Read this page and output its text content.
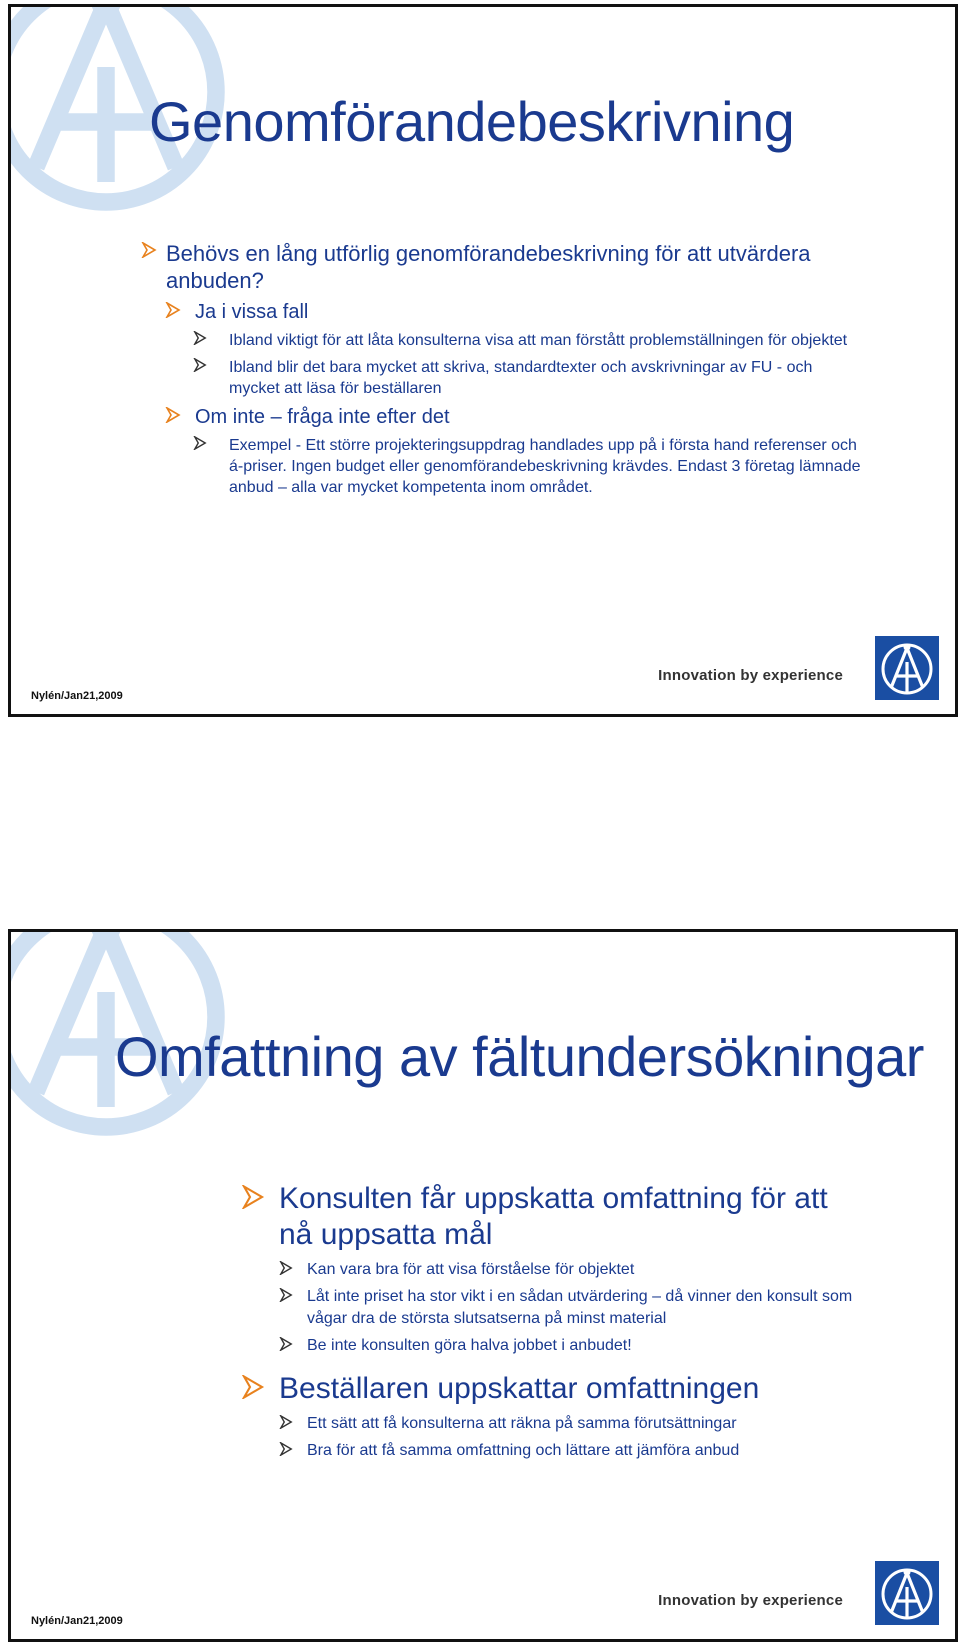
Genomförandebeskrivning
Behövs en lång utförlig genomförandebeskrivning för att utvärdera anbuden?
Ja i vissa fall
Ibland viktigt för att låta konsulterna visa att man förstått problemställningen för objektet
Ibland blir det bara mycket att skriva, standardtexter och avskrivningar av FU - och mycket att läsa för beställaren
Om inte – fråga inte efter det
Exempel - Ett större projekteringsuppdrag handlades upp på i första hand referenser och á-priser. Ingen budget eller genomförandebeskrivning krävdes. Endast 3 företag lämnade anbud – alla var mycket kompetenta inom området.
Nylén/Jan21,2009
Innovation by experience
Omfattning av fältundersökningar
Konsulten får uppskatta omfattning för att nå uppsatta mål
Kan vara bra för att visa förståelse för objektet
Låt inte priset ha stor vikt i en sådan utvärdering – då vinner den konsult som vågar dra de största slutsatserna på minst material
Be inte konsulten göra halva jobbet i anbudet!
Beställaren uppskattar omfattningen
Ett sätt att få konsulterna att räkna på samma förutsättningar
Bra för att få samma omfattning och lättare att jämföra anbud
Nylén/Jan21,2009
Innovation by experience
